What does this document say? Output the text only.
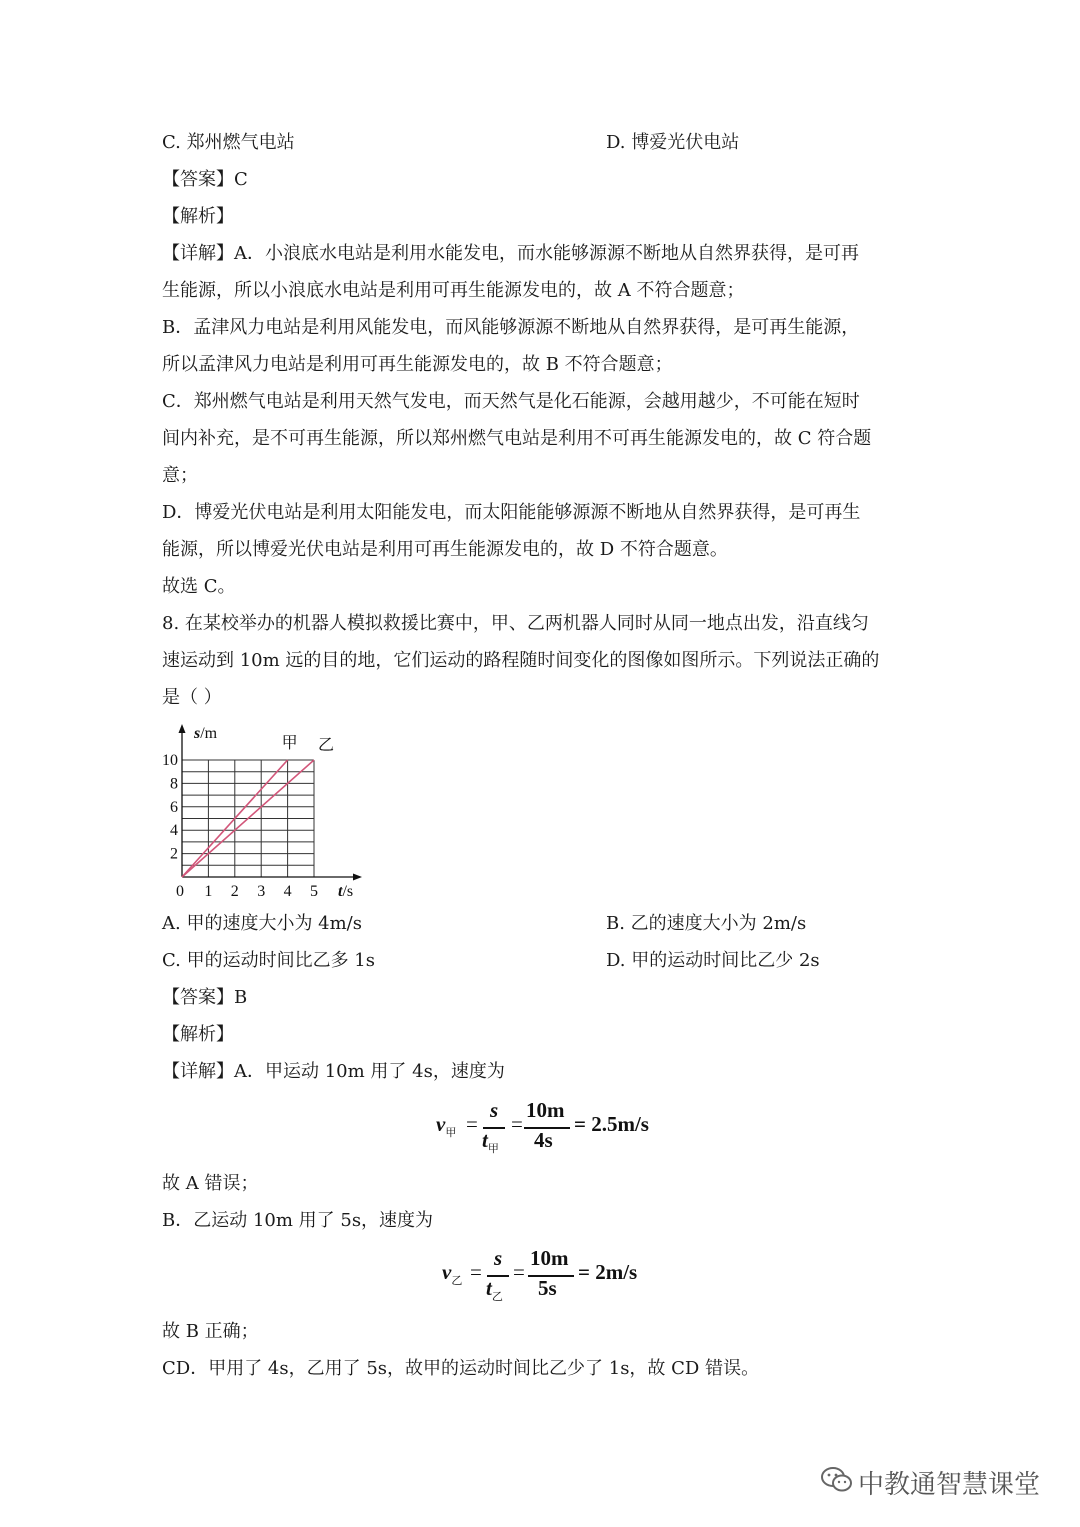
C. 郑州燃气电站	D. 博爱光伏电站
【答案】C
【解析】
【详解】A．小浪底水电站是利用水能发电，而水能够源源不断地从自然界获得，是可再
生能源，所以小浪底水电站是利用可再生能源发电的，故 A 不符合题意；
B．孟津风力电站是利用风能发电，而风能够源源不断地从自然界获得，是可再生能源，
所以孟津风力电站是利用可再生能源发电的，故 B 不符合题意；
C．郑州燃气电站是利用天然气发电，而天然气是化石能源，会越用越少，不可能在短时
间内补充，是不可再生能源，所以郑州燃气电站是利用不可再生能源发电的，故 C 符合题
意；
D．博爱光伏电站是利用太阳能发电，而太阳能能够源源不断地从自然界获得，是可再生
能源，所以博爱光伏电站是利用可再生能源发电的，故 D 不符合题意。
故选 C。
8. 在某校举办的机器人模拟救援比赛中，甲、乙两机器人同时从同一地点出发，沿直线匀
速运动到 10m 远的目的地，它们运动的路程随时间变化的图像如图所示。下列说法正确的
是（ ）
甲 乙
1 2 3 4 5
2
4
6
8
10
0
s/m
t/s
A. 甲的速度大小为 4m/s	B. 乙的速度大小为 2m/s
C. 甲的运动时间比乙多 1s	D. 甲的运动时间比乙少 2s
【答案】B
【解析】
【详解】A．甲运动 10m 用了 4s，速度为
$v_甲$ =
s
$t_甲$
=
10m
4s
= 2.5m/s
故 A 错误；
B．乙运动 10m 用了 5s，速度为
$v_乙$ =
s
$t_乙$
=
10m
5s
= 2m/s
故 B 正确；
CD．甲用了 4s，乙用了 5s，故甲的运动时间比乙少了 1s，故 CD 错误。
中教通智慧课堂
